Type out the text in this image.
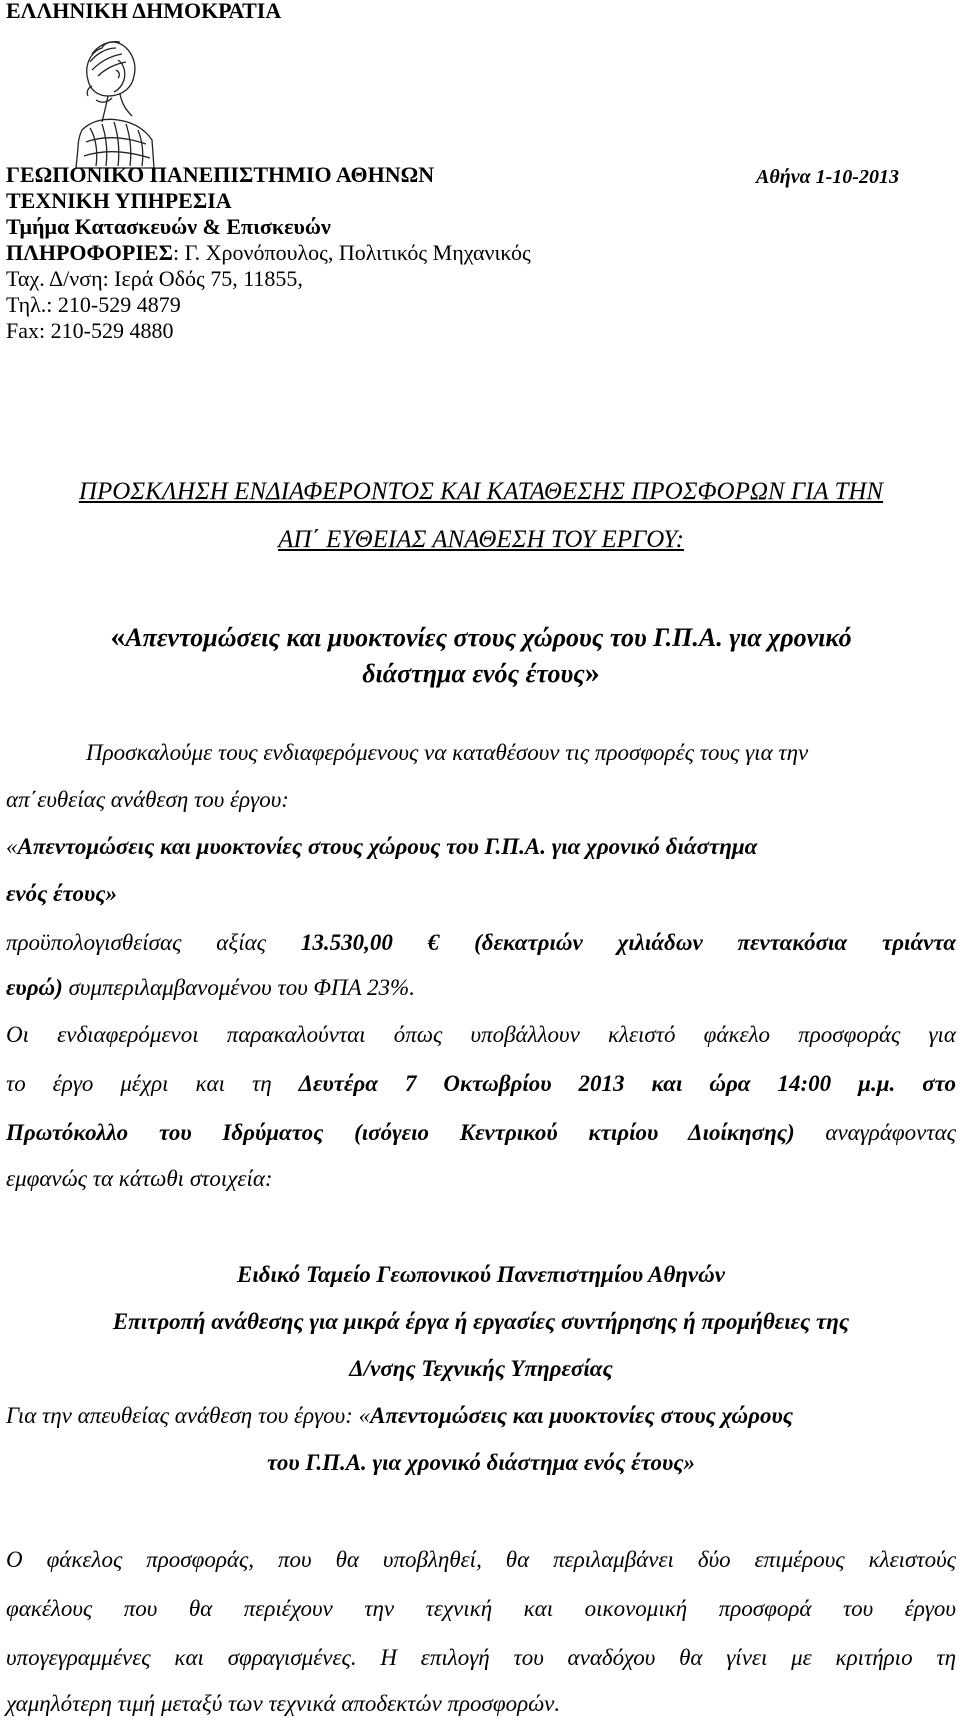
ΕΛΛΗΝΙΚΗ ΔΗΜΟΚΡΑΤΙΑ
ΓΕΩΠΟΝΙΚΟ ΠΑΝΕΠΙΣΤΗΜΙΟ ΑΘΗΝΩΝ	Αθήνα 1-10-2013
ΤΕΧΝΙΚΗ ΥΠΗΡΕΣΙΑ
Τμήμα Κατασκευών & Επισκευών
ΠΛΗΡΟΦΟΡΙΕΣ: Γ. Χρονόπουλος, Πολιτικός Μηχανικός
Ταχ. Δ/νση: Ιερά Οδός 75, 11855,
Τηλ.: 210-529 4879
Fax: 210-529 4880
ΠΡΟΣΚΛΗΣΗ ΕΝΔΙΑΦΕΡΟΝΤΟΣ ΚΑΙ ΚΑΤΑΘΕΣΗΣ ΠΡΟΣΦΟΡΩΝ ΓΙΑ ΤΗΝ
ΑΠ΄ ΕΥΘΕΙΑΣ ΑΝΑΘΕΣΗ ΤΟΥ ΕΡΓΟΥ:
«Απεντομώσεις και μυοκτονίες στους χώρους του Γ.Π.Α. για χρονικό
διάστημα ενός έτους»
Προσκαλούμε τους ενδιαφερόμενους να καταθέσουν τις προσφορές τους για την
απ΄ευθείας ανάθεση του έργου:
«Απεντομώσεις και μυοκτονίες στους χώρους του Γ.Π.Α. για χρονικό διάστημα
ενός έτους»
προϋπολογισθείσας αξίας 13.530,00 € (δεκατριών χιλιάδων πεντακόσια τριάντα
ευρώ) συμπεριλαμβανομένου του ΦΠΑ 23%.
Οι ενδιαφερόμενοι παρακαλούνται όπως υποβάλλουν κλειστό φάκελο προσφοράς για
το έργο μέχρι και τη Δευτέρα 7 Οκτωβρίου 2013 και ώρα 14:00 μ.μ. στο
Πρωτόκολλο του Ιδρύματος (ισόγειο Κεντρικού κτιρίου Διοίκησης) αναγράφοντας
εμφανώς τα κάτωθι στοιχεία:
Ειδικό Ταμείο Γεωπονικού Πανεπιστημίου Αθηνών
Επιτροπή ανάθεσης για μικρά έργα ή εργασίες συντήρησης ή προμήθειες της
Δ/νσης Τεχνικής Υπηρεσίας
Για την απευθείας ανάθεση του έργου: «Απεντομώσεις και μυοκτονίες στους χώρους
του Γ.Π.Α. για χρονικό διάστημα ενός έτους»
Ο φάκελος προσφοράς, που θα υποβληθεί, θα περιλαμβάνει δύο επιμέρους κλειστούς
φακέλους που θα περιέχουν την τεχνική και οικονομική προσφορά του έργου
υπογεγραμμένες και σφραγισμένες. Η επιλογή του αναδόχου θα γίνει με κριτήριο τη
χαμηλότερη τιμή μεταξύ των τεχνικά αποδεκτών προσφορών.
